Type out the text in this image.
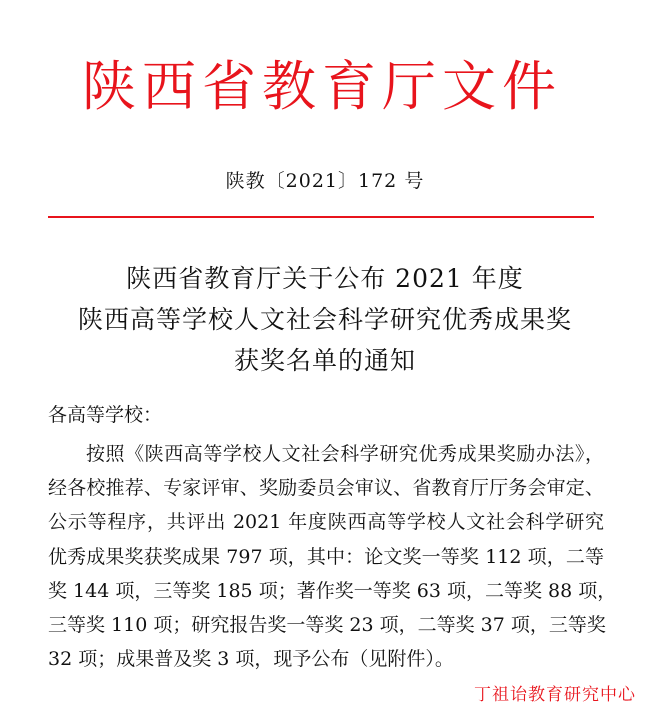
陕西省教育厅文件
陕教〔2021〕172 号
陕西省教育厅关于公布 2021 年度
陕西高等学校人文社会科学研究优秀成果奖
获奖名单的通知
各高等学校：
按照《陕西高等学校人文社会科学研究优秀成果奖励办法》，
经各校推荐、专家评审、奖励委员会审议、省教育厅厅务会审定、
公示等程序，共评出 2021 年度陕西高等学校人文社会科学研究
优秀成果奖获奖成果 797 项，其中：论文奖一等奖 112 项，二等
奖 144 项，三等奖 185 项；著作奖一等奖 63 项，二等奖 88 项，
三等奖 110 项；研究报告奖一等奖 23 项，二等奖 37 项，三等奖
32 项；成果普及奖 3 项，现予公布（见附件）。
丁祖诒教育研究中心
